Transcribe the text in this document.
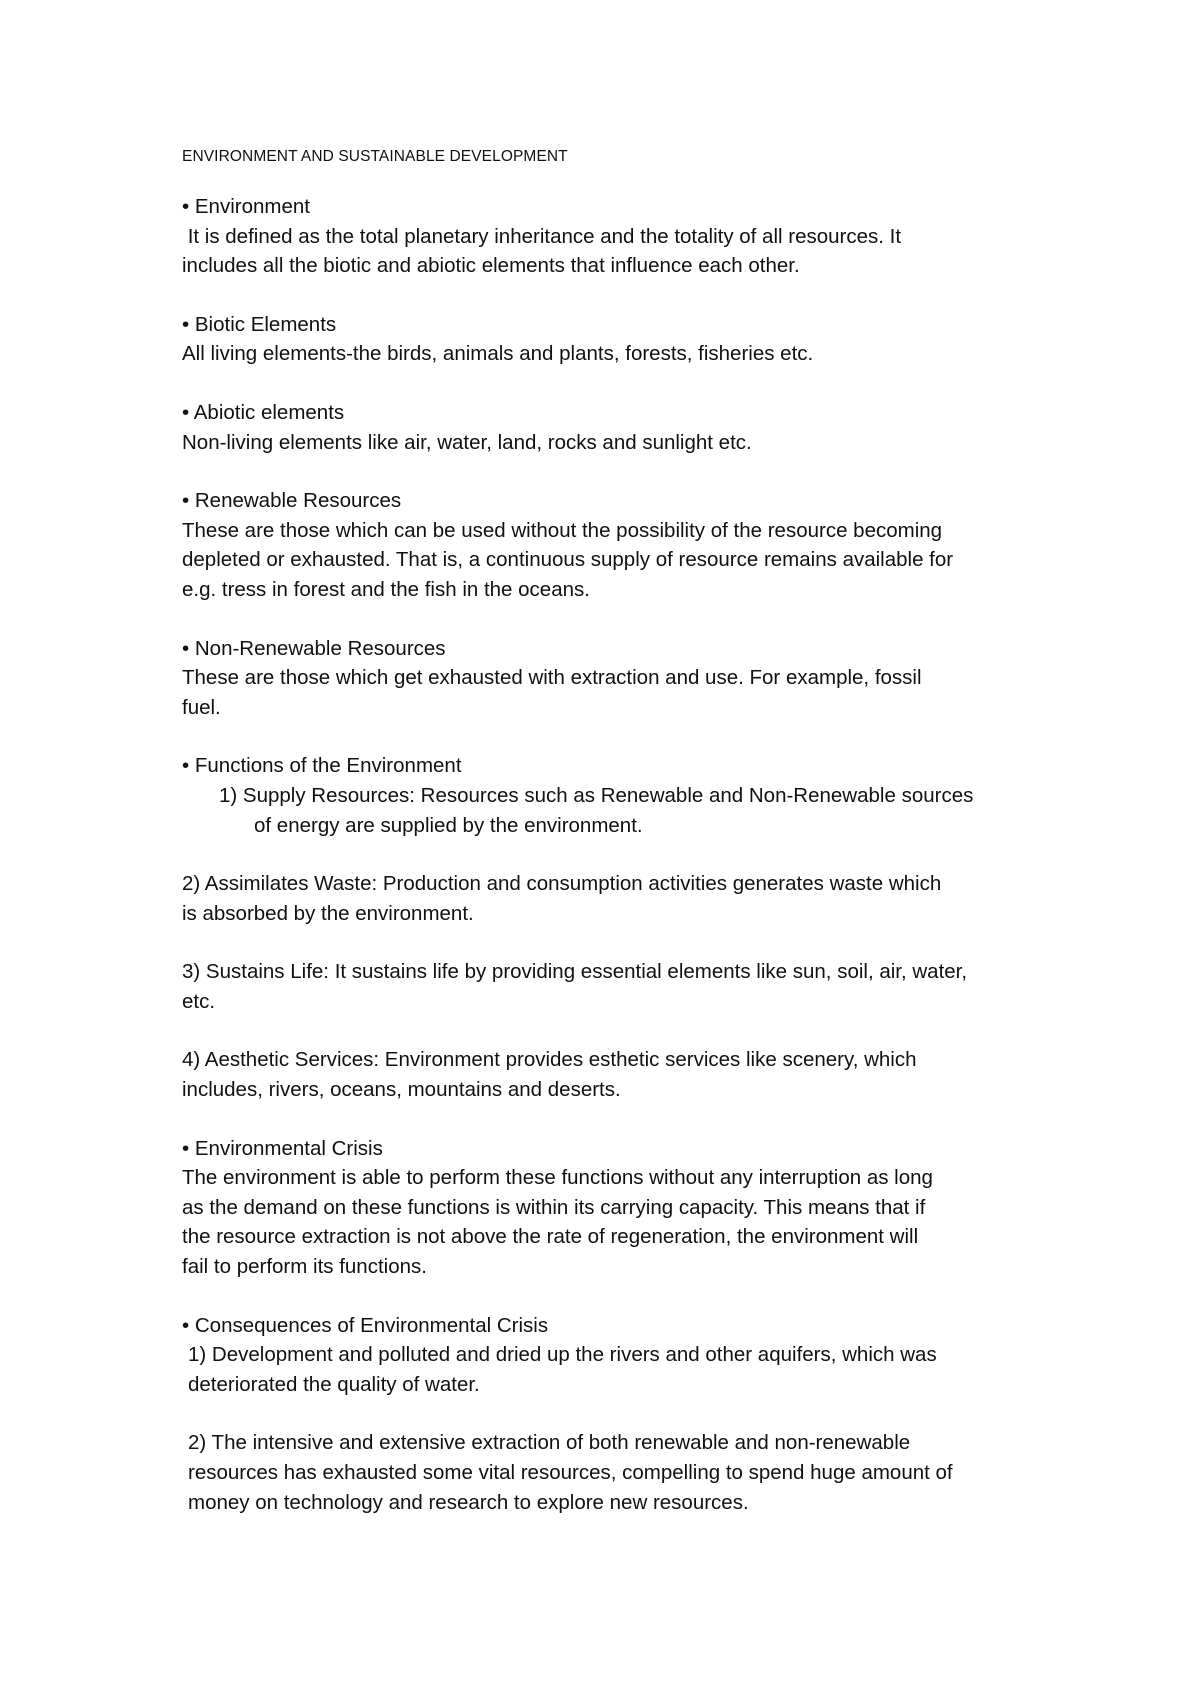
ENVIRONMENT AND SUSTAINABLE DEVELOPMENT

• Environment

It is defined as the total planetary inheritance and the totality of all resources. It

includes all the biotic and abiotic elements that influence each other.

• Biotic Elements

All living elements-the birds, animals and plants, forests, fisheries etc.

• Abiotic elements

Non-living elements like air, water, land, rocks and sunlight etc.

• Renewable Resources

These are those which can be used without the possibility of the resource becoming

depleted or exhausted. That is, a continuous supply of resource remains available for

e.g. tress in forest and the fish in the oceans.

• Non-Renewable Resources

These are those which get exhausted with extraction and use. For example, fossil

fuel.

• Functions of the Environment

1) Supply Resources: Resources such as Renewable and Non-Renewable sources
of energy are supplied by the environment.

2) Assimilates Waste: Production and consumption activities generates waste which

is absorbed by the environment.

3) Sustains Life: It sustains life by providing essential elements like sun, soil, air, water,

etc.

4) Aesthetic Services: Environment provides esthetic services like scenery, which

includes, rivers, oceans, mountains and deserts.

• Environmental Crisis

The environment is able to perform these functions without any interruption as long

as the demand on these functions is within its carrying capacity. This means that if

the resource extraction is not above the rate of regeneration, the environment will

fail to perform its functions.

• Consequences of Environmental Crisis

1) Development and polluted and dried up the rivers and other aquifers, which was

deteriorated the quality of water.

2) The intensive and extensive extraction of both renewable and non-renewable

resources has exhausted some vital resources, compelling to spend huge amount of

money on technology and research to explore new resources.
